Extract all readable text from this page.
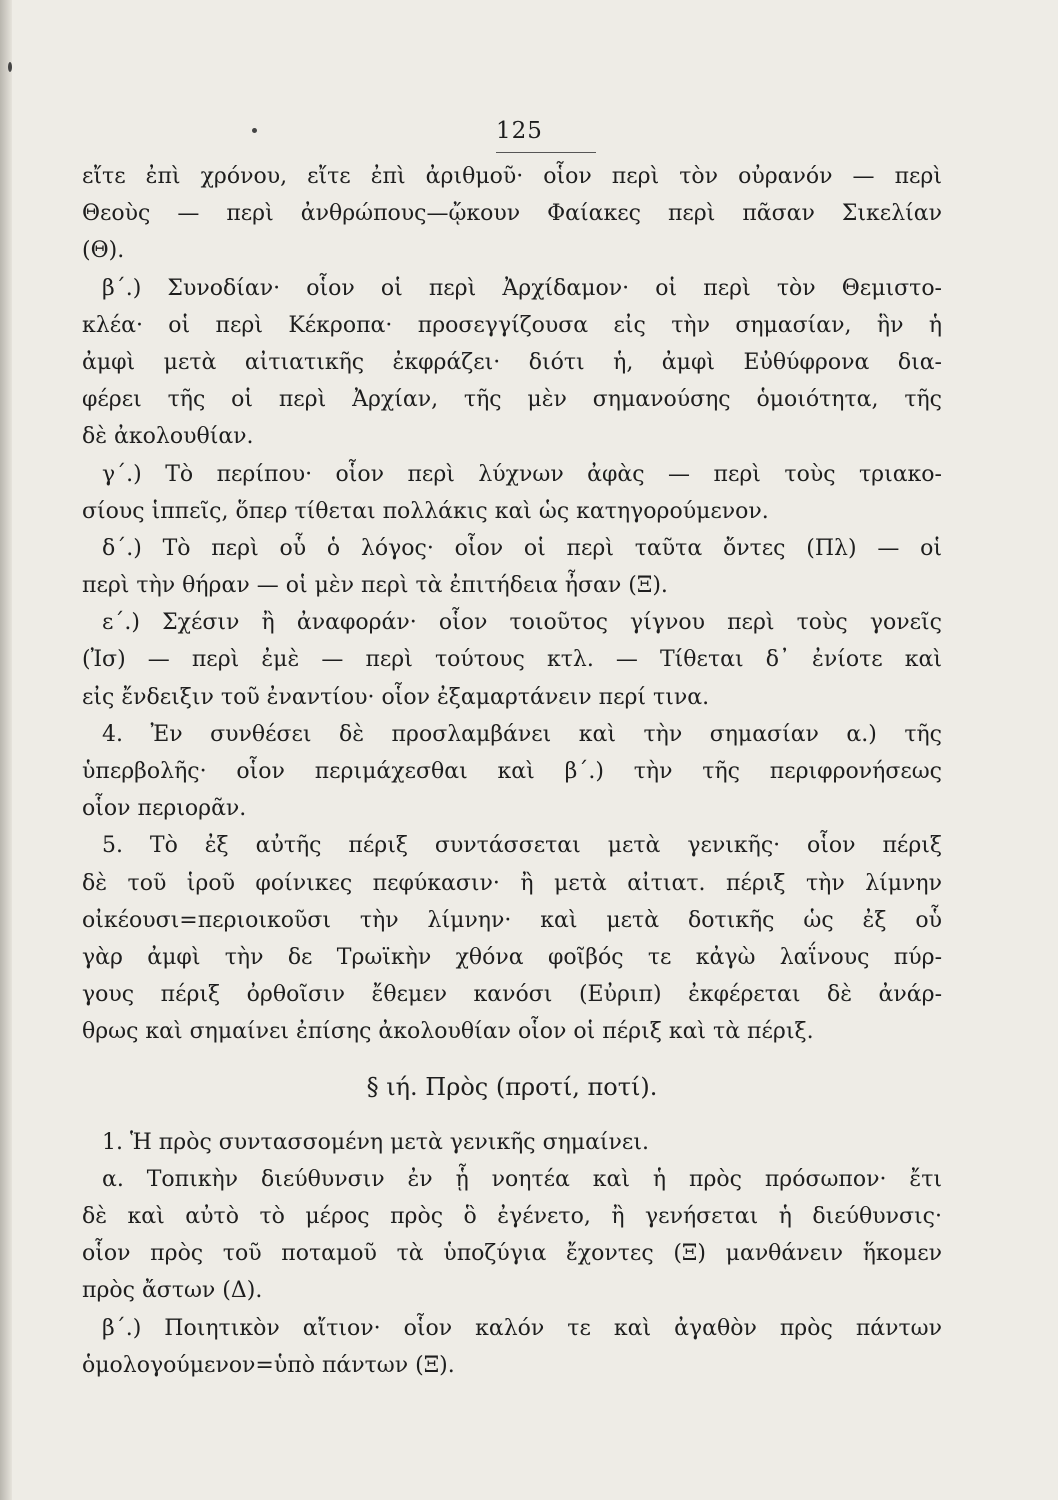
125
εἴτε ἐπὶ χρόνου, εἴτε ἐπὶ ἀριθμοῦ· οἷον περὶ τὸν οὐρανόν — περὶ
Θεοὺς — περὶ ἀνθρώπους—ᾤκουν Φαίακες περὶ πᾶσαν Σικελίαν
(Θ).
β΄.) Συνοδίαν· οἷον οἱ περὶ Ἀρχίδαμον· οἱ περὶ τὸν Θεμιστο-
κλέα· οἱ περὶ Κέκροπα· προσεγγίζουσα εἰς τὴν σημασίαν, ἣν ἡ
ἀμφὶ μετὰ αἰτιατικῆς ἐκφράζει· διότι ἡ, ἀμφὶ Εὐθύφρονα δια-
φέρει τῆς οἱ περὶ Ἀρχίαν, τῆς μὲν σημανούσης ὁμοιότητα, τῆς
δὲ ἀκολουθίαν.
γ΄.) Τὸ περίπου· οἷον περὶ λύχνων ἀφὰς — περὶ τοὺς τριακο-
σίους ἱππεῖς, ὅπερ τίθεται πολλάκις καὶ ὡς κατηγορούμενον.
δ΄.) Τὸ περὶ οὗ ὁ λόγος· οἷον οἱ περὶ ταῦτα ὄντες (Πλ) — οἱ
περὶ τὴν θήραν — οἱ μὲν περὶ τὰ ἐπιτήδεια ἦσαν (Ξ).
ε΄.) Σχέσιν ἢ ἀναφοράν· οἷον τοιοῦτος γίγνου περὶ τοὺς γονεῖς
(Ἰσ) — περὶ ἐμὲ — περὶ τούτους κτλ. — Τίθεται δ᾽ ἐνίοτε καὶ
εἰς ἔνδειξιν τοῦ ἐναντίου· οἷον ἐξαμαρτάνειν περί τινα.
4. Ἐν συνθέσει δὲ προσλαμβάνει καὶ τὴν σημασίαν α.) τῆς
ὑπερβολῆς· οἷον περιμάχεσθαι καὶ β΄.) τὴν τῆς περιφρονήσεως
οἷον περιορᾶν.
5. Τὸ ἐξ αὐτῆς πέριξ συντάσσεται μετὰ γενικῆς· οἷον πέριξ
δὲ τοῦ ἱροῦ φοίνικες πεφύκασιν· ἢ μετὰ αἰτιατ. πέριξ τὴν λίμνην
οἰκέουσι=περιοικοῦσι τὴν λίμνην· καὶ μετὰ δοτικῆς ὡς ἐξ οὗ
γὰρ ἀμφὶ τὴν δε Τρωϊκὴν χθόνα φοῖβός τε κἀγὼ λαΐνους πύρ-
γους πέριξ ὀρθοῖσιν ἔθεμεν κανόσι (Εὐριπ) ἐκφέρεται δὲ ἀνάρ-
θρως καὶ σημαίνει ἐπίσης ἀκολουθίαν οἷον οἱ πέριξ καὶ τὰ πέριξ.
§ ιή. Πρὸς (προτί, ποτί).
1. Ἡ πρὸς συντασσομένη μετὰ γενικῆς σημαίνει.
α. Τοπικὴν διεύθυνσιν ἐν ᾗ νοητέα καὶ ἡ πρὸς πρόσωπον· ἔτι
δὲ καὶ αὐτὸ τὸ μέρος πρὸς ὃ ἐγένετο, ἢ γενήσεται ἡ διεύθυνσις·
οἷον πρὸς τοῦ ποταμοῦ τὰ ὑποζύγια ἔχοντες (Ξ) μανθάνειν ἥκομεν
πρὸς ἄστων (Δ).
β΄.) Ποιητικὸν αἴτιον· οἷον καλόν τε καὶ ἀγαθὸν πρὸς πάντων
ὁμολογούμενον=ὑπὸ πάντων (Ξ).
